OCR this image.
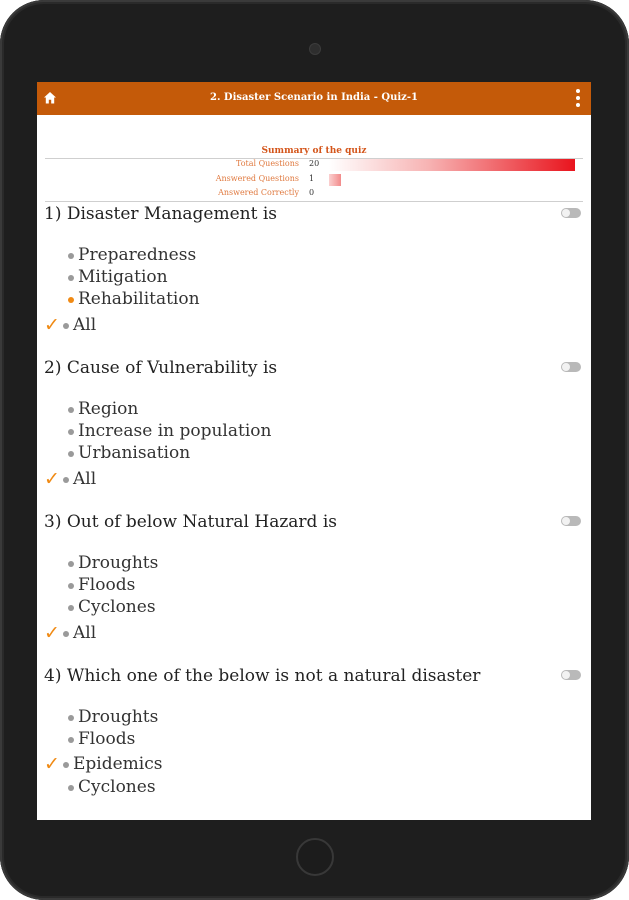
2. Disaster Scenario in India - Quiz-1
Summary of the quiz
Total Questions 20
Answered Questions 1
Answered Correctly 0
1) Disaster Management is
Preparedness
Mitigation
Rehabilitation
✓ All
2) Cause of Vulnerability is
Region
Increase in population
Urbanisation
✓ All
3) Out of below Natural Hazard is
Droughts
Floods
Cyclones
✓ All
4) Which one of the below is not a natural disaster
Droughts
Floods
✓ Epidemics
Cyclones
